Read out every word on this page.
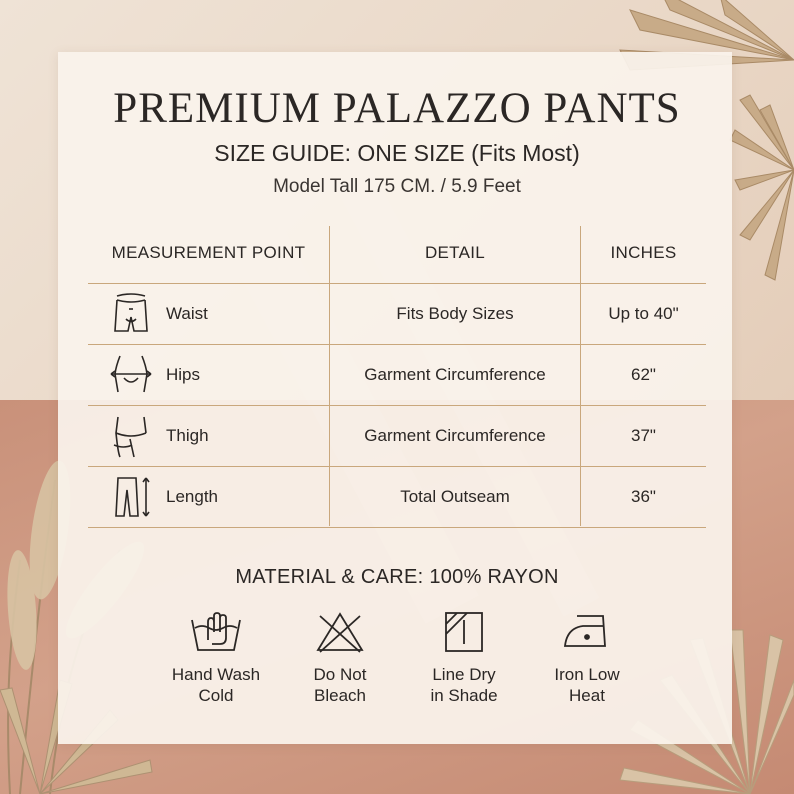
PREMIUM PALAZZO PANTS
SIZE GUIDE: ONE SIZE (Fits Most)
Model Tall 175 CM. / 5.9 Feet
MEASUREMENT POINT	DETAIL	INCHES
Waist	Fits Body Sizes	Up to 40"
Hips	Garment Circumference	62"
Thigh	Garment Circumference	37"
Length	Total Outseam	36"
MATERIAL & CARE: 100% RAYON
Hand Wash
Cold
Do Not
Bleach
Line Dry
in Shade
Iron Low
Heat
